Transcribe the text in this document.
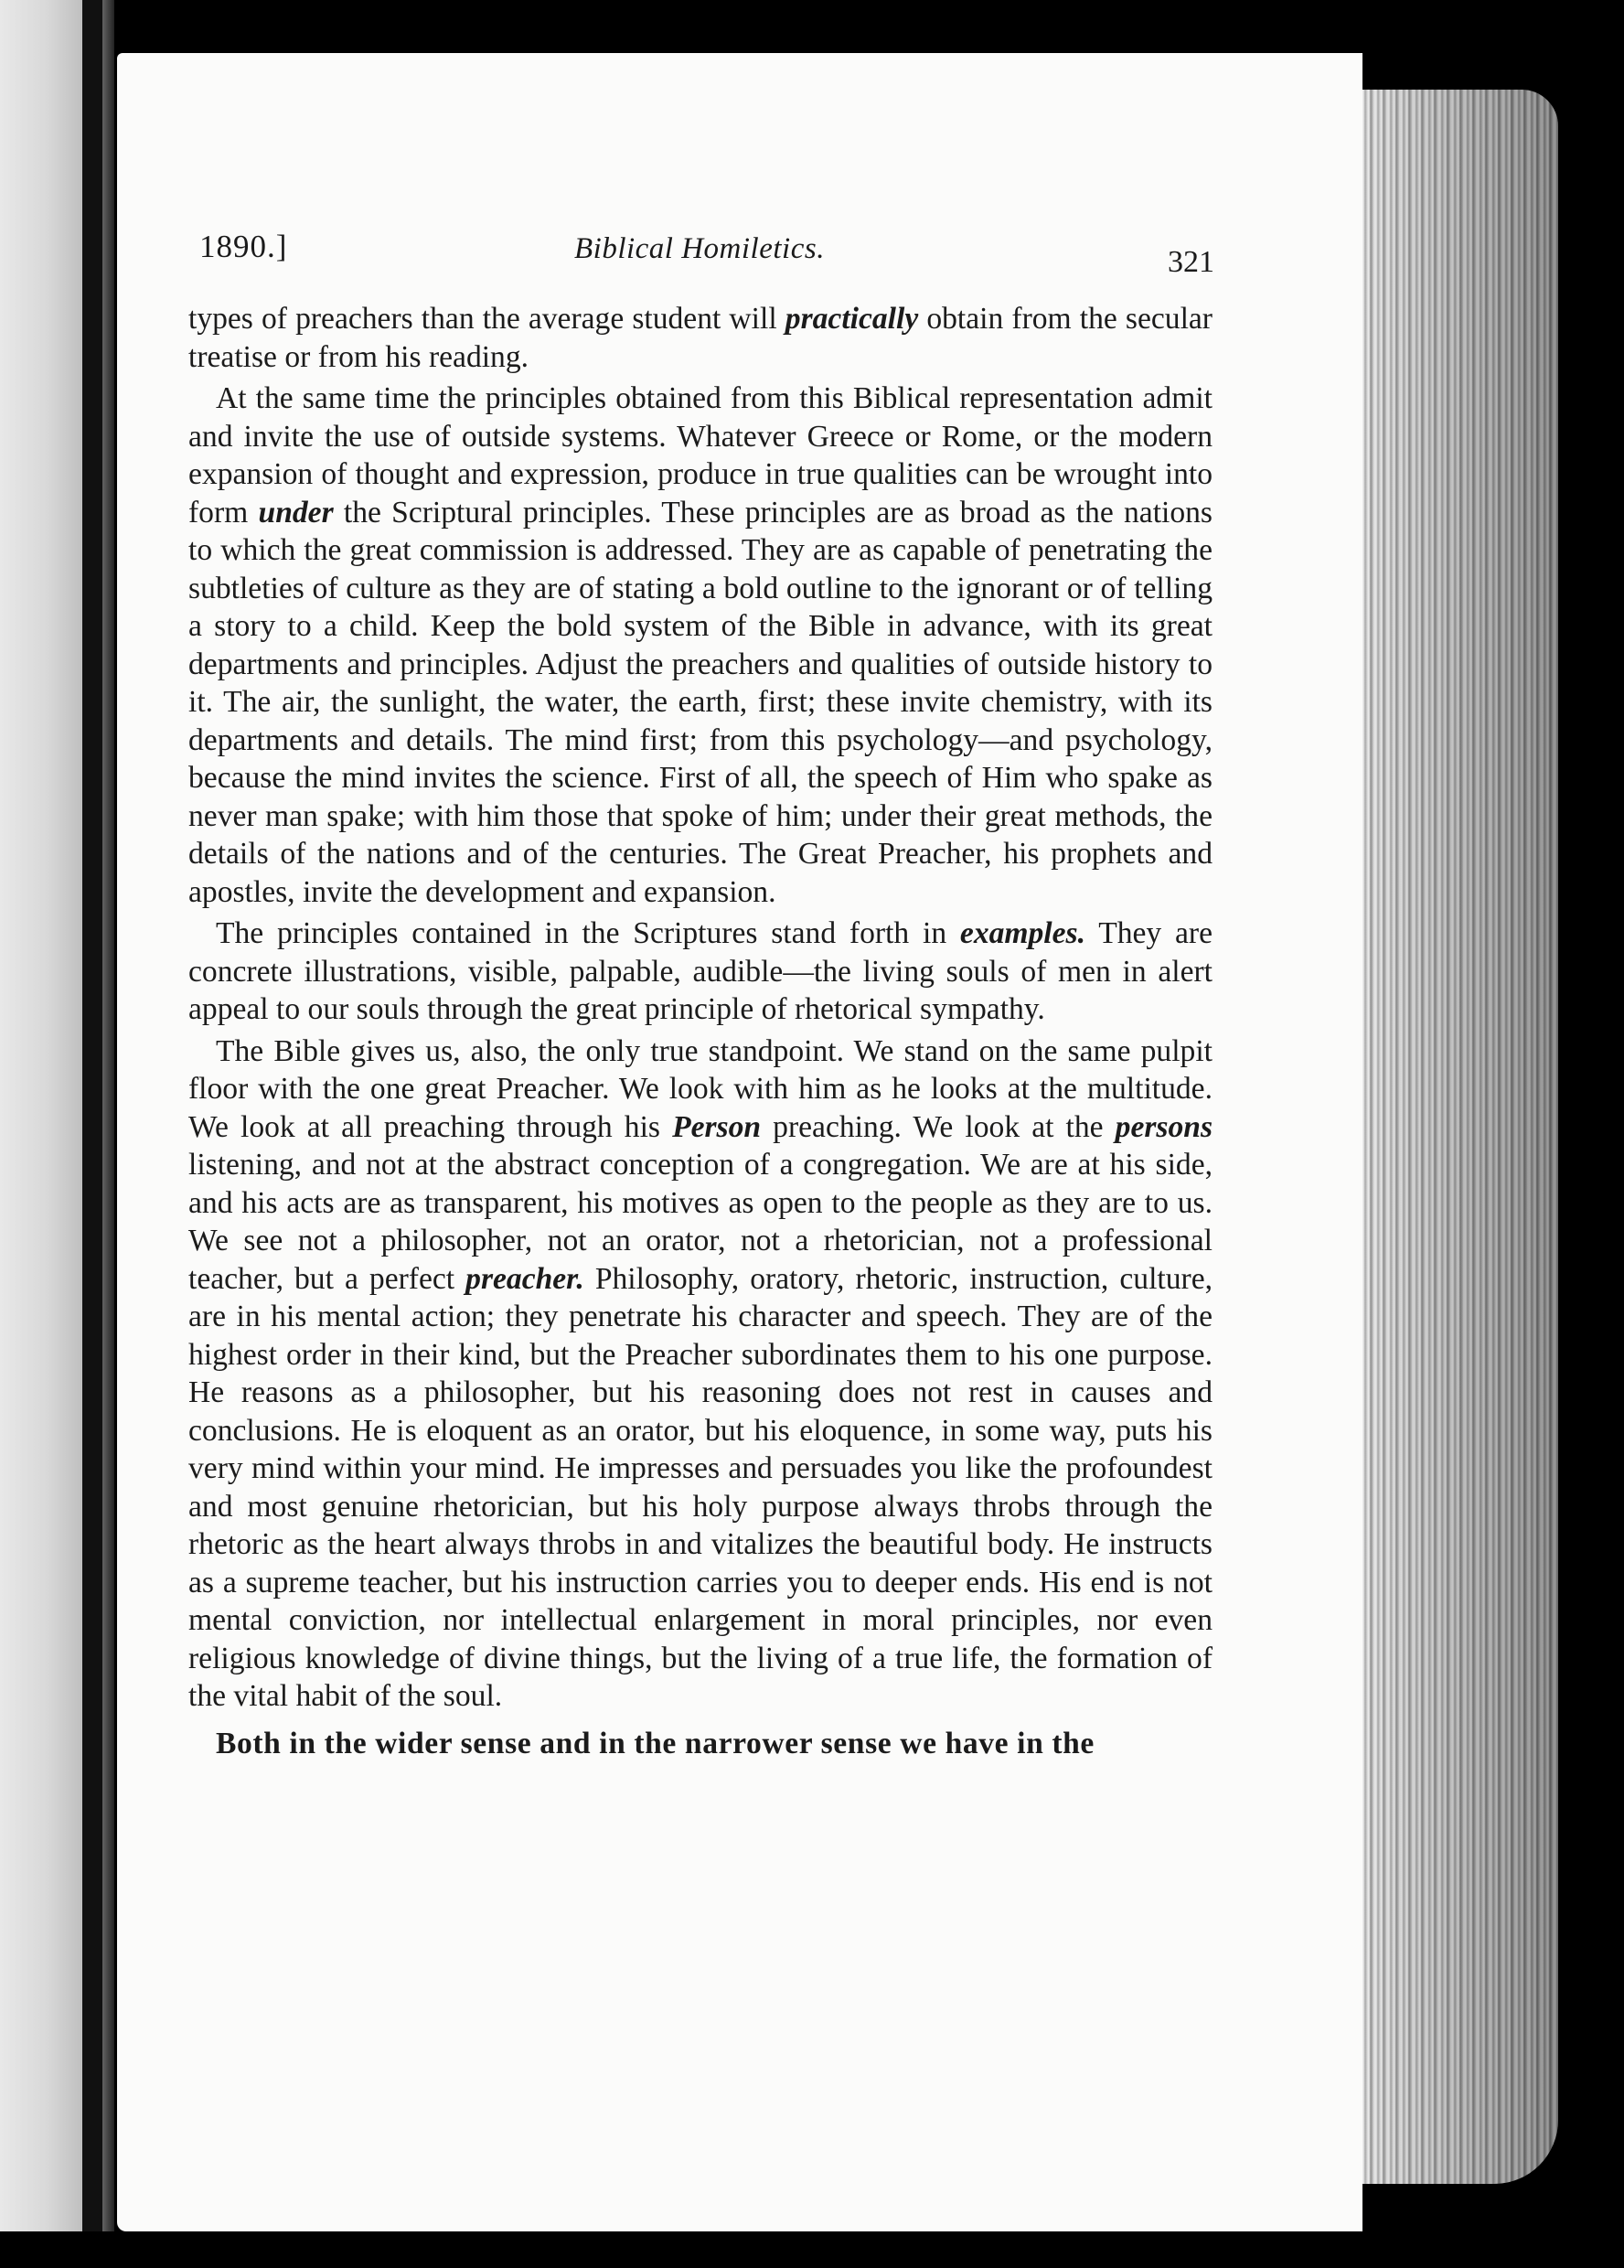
1890.]	Biblical Homiletics.	321

types of preachers than the average student will practically obtain from the secular treatise or from his reading.

At the same time the principles obtained from this Biblical representation admit and invite the use of outside systems. Whatever Greece or Rome, or the modern expansion of thought and expression, produce in true qualities can be wrought into form under the Scriptural principles. These principles are as broad as the nations to which the great commission is addressed. They are as capable of penetrating the subtleties of culture as they are of stating a bold outline to the ignorant or of telling a story to a child. Keep the bold system of the Bible in advance, with its great departments and principles. Adjust the preachers and qualities of outside history to it. The air, the sunlight, the water, the earth, first; these invite chemistry, with its departments and details. The mind first; from this psychology—and psychology, because the mind invites the science. First of all, the speech of Him who spake as never man spake; with him those that spoke of him; under their great methods, the details of the nations and of the centuries. The Great Preacher, his prophets and apostles, invite the development and expansion.

The principles contained in the Scriptures stand forth in examples. They are concrete illustrations, visible, palpable, audible—the living souls of men in alert appeal to our souls through the great principle of rhetorical sympathy.

The Bible gives us, also, the only true standpoint. We stand on the same pulpit floor with the one great Preacher. We look with him as he looks at the multitude. We look at all preaching through his Person preaching. We look at the persons listening, and not at the abstract conception of a congregation. We are at his side, and his acts are as transparent, his motives as open to the people as they are to us. We see not a philosopher, not an orator, not a rhetorician, not a professional teacher, but a perfect preacher. Philosophy, oratory, rhetoric, instruction, culture, are in his mental action; they penetrate his character and speech. They are of the highest order in their kind, but the Preacher subordinates them to his one purpose. He reasons as a philosopher, but his reasoning does not rest in causes and conclusions. He is eloquent as an orator, but his eloquence, in some way, puts his very mind within your mind. He impresses and persuades you like the profoundest and most genuine rhetorician, but his holy purpose always throbs through the rhetoric as the heart always throbs in and vitalizes the beautiful body. He instructs as a supreme teacher, but his instruction carries you to deeper ends. His end is not mental conviction, nor intellectual enlargement in moral principles, nor even religious knowledge of divine things, but the living of a true life, the formation of the vital habit of the soul.

Both in the wider sense and in the narrower sense we have in the
